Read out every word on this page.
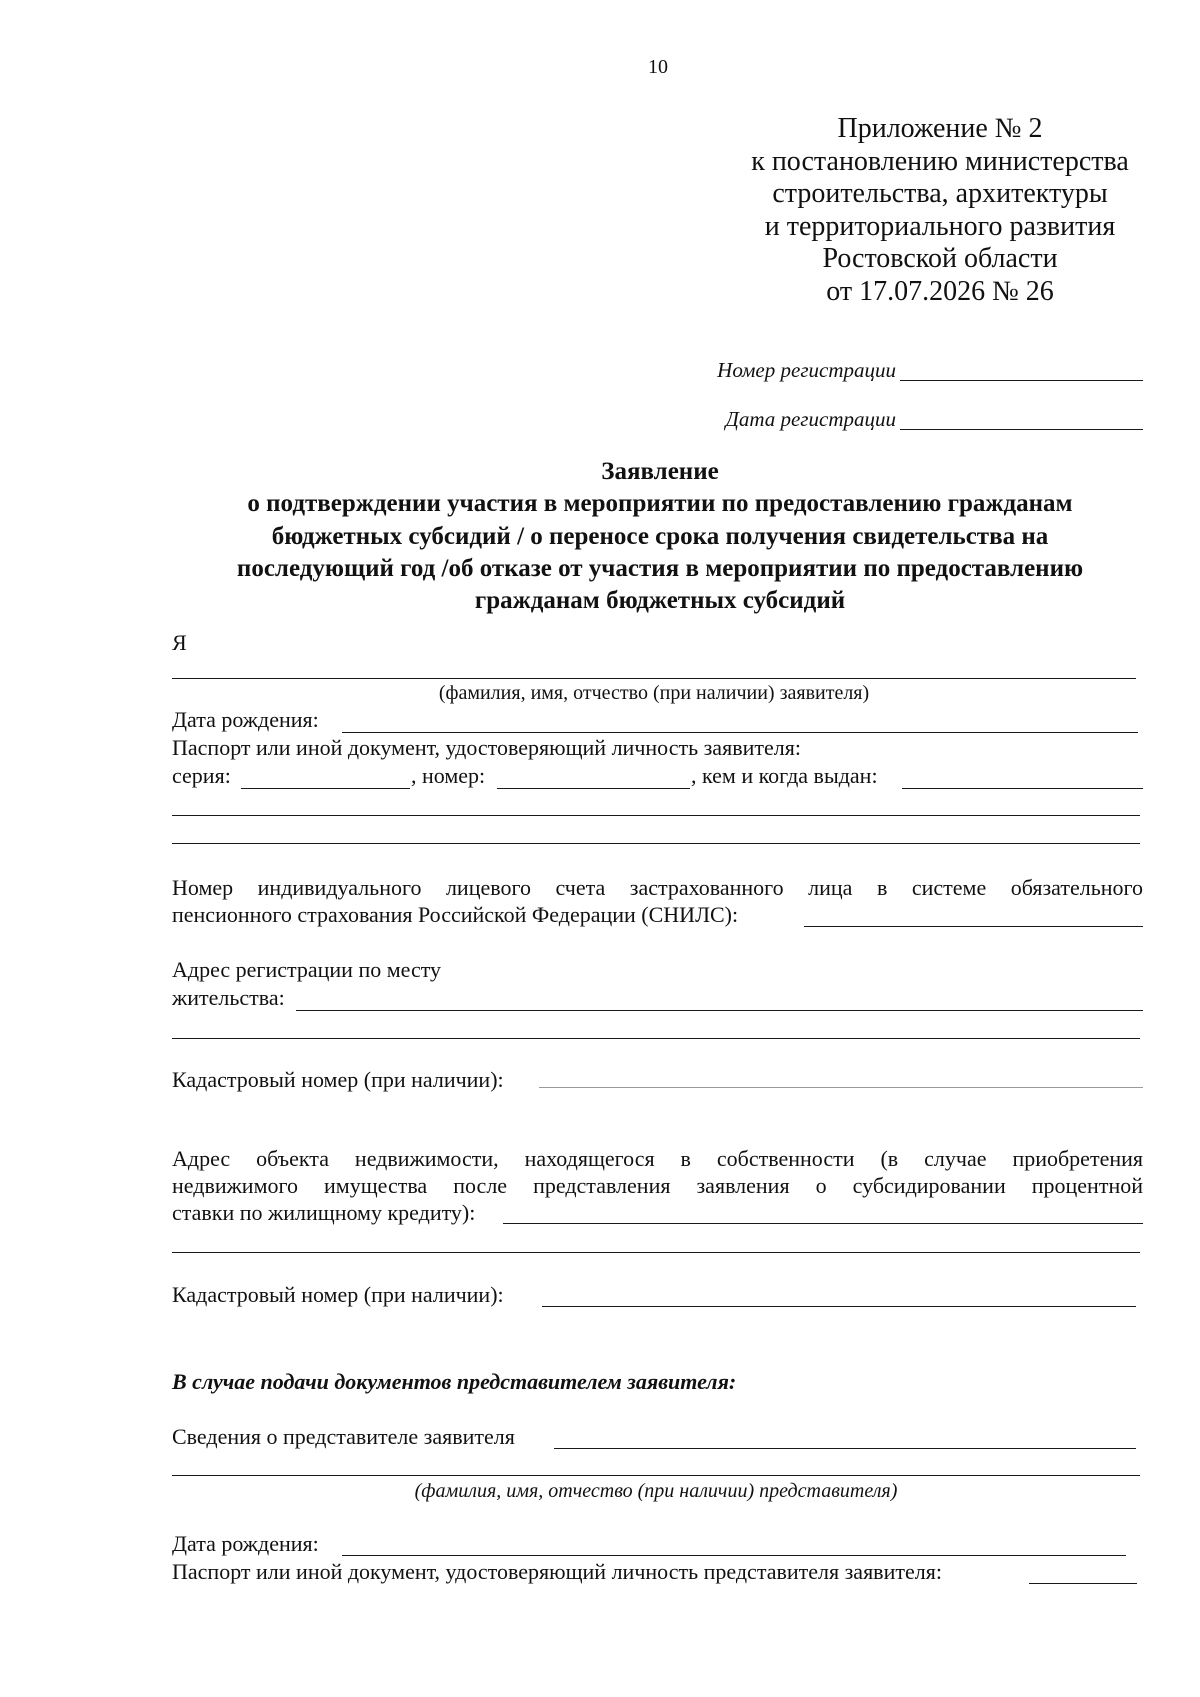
10
Приложение № 2
к постановлению министерства
строительства, архитектуры
и территориального развития
Ростовской области
от 17.07.2026 № 26
Номер регистрации
Дата регистрации
Заявление
о подтверждении участия в мероприятии по предоставлению гражданам
бюджетных субсидий / о переносе срока получения свидетельства на
последующий год /об отказе от участия в мероприятии по предоставлению
гражданам бюджетных субсидий
Я
(фамилия, имя, отчество (при наличии) заявителя)
Дата рождения:
Паспорт или иной документ, удостоверяющий личность заявителя:
серия:	, номер:	, кем и когда выдан:
Номер индивидуального лицевого счета застрахованного лица в системе обязательного
пенсионного страхования Российской Федерации (СНИЛС):
Адрес регистрации по месту
жительства:
Кадастровый номер (при наличии):
Адрес объекта недвижимости, находящегося в собственности (в случае приобретения
недвижимого имущества после представления заявления о субсидировании процентной
ставки по жилищному кредиту):
Кадастровый номер (при наличии):
В случае подачи документов представителем заявителя:
Сведения о представителе заявителя
(фамилия, имя, отчество (при наличии) представителя)
Дата рождения:
Паспорт или иной документ, удостоверяющий личность представителя заявителя:
